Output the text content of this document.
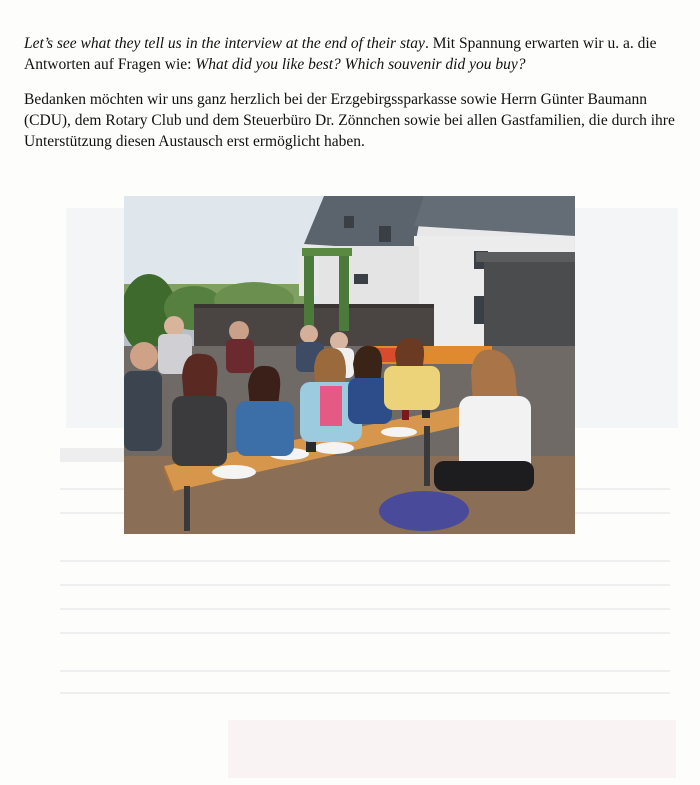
Let’s see what they tell us in the interview at the end of their stay. Mit Spannung erwarten wir u. a. die Antworten auf Fragen wie: What did you like best? Which souvenir did you buy?
Bedanken möchten wir uns ganz herzlich bei der Erzgebirgssparkasse sowie Herrn Günter Baumann (CDU), dem Rotary Club und dem Steuerbüro Dr. Zönnchen sowie bei allen Gastfamilien, die durch ihre Unterstützung diesen Austausch erst ermöglicht haben.
